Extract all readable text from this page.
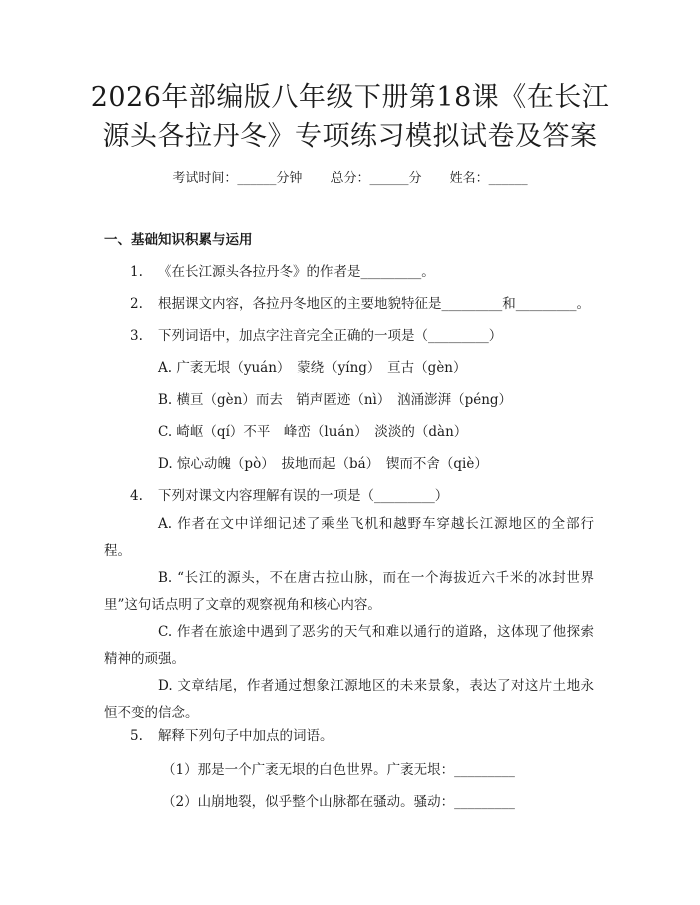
2026年部编版八年级下册第18课《在长江
源头各拉丹冬》专项练习模拟试卷及答案
考试时间：______分钟 总分：______分 姓名：______
一、基础知识积累与运用
1. 《在长江源头各拉丹冬》的作者是_________。
2. 根据课文内容，各拉丹冬地区的主要地貌特征是_________和_________。
3. 下列词语中，加点字注音完全正确的一项是（_________）
A. 广袤无垠（yuán）　蒙绕（yíng）　亘古（gèn）
B. 横亘（gèn）而去　销声匿迹（nì）　汹涌澎湃（péng）
C. 崎岖（qí）不平　峰峦（luán）　淡淡的（dàn）
D. 惊心动魄（pò）　拔地而起（bá）　锲而不舍（qiè）
4. 下列对课文内容理解有误的一项是（_________）
A. 作者在文中详细记述了乘坐飞机和越野车穿越长江源地区的全部行程。
B. “长江的源头，不在唐古拉山脉，而在一个海拔近六千米的冰封世界里”这句话点明了文章的观察视角和核心内容。
C. 作者在旅途中遇到了恶劣的天气和难以通行的道路，这体现了他探索精神的顽强。
D. 文章结尾，作者通过想象江源地区的未来景象，表达了对这片土地永恒不变的信念。
5. 解释下列句子中加点的词语。
（1）那是一个广袤无垠的白色世界。广袤无垠：_________
（2）山崩地裂，似乎整个山脉都在骚动。骚动：_________
